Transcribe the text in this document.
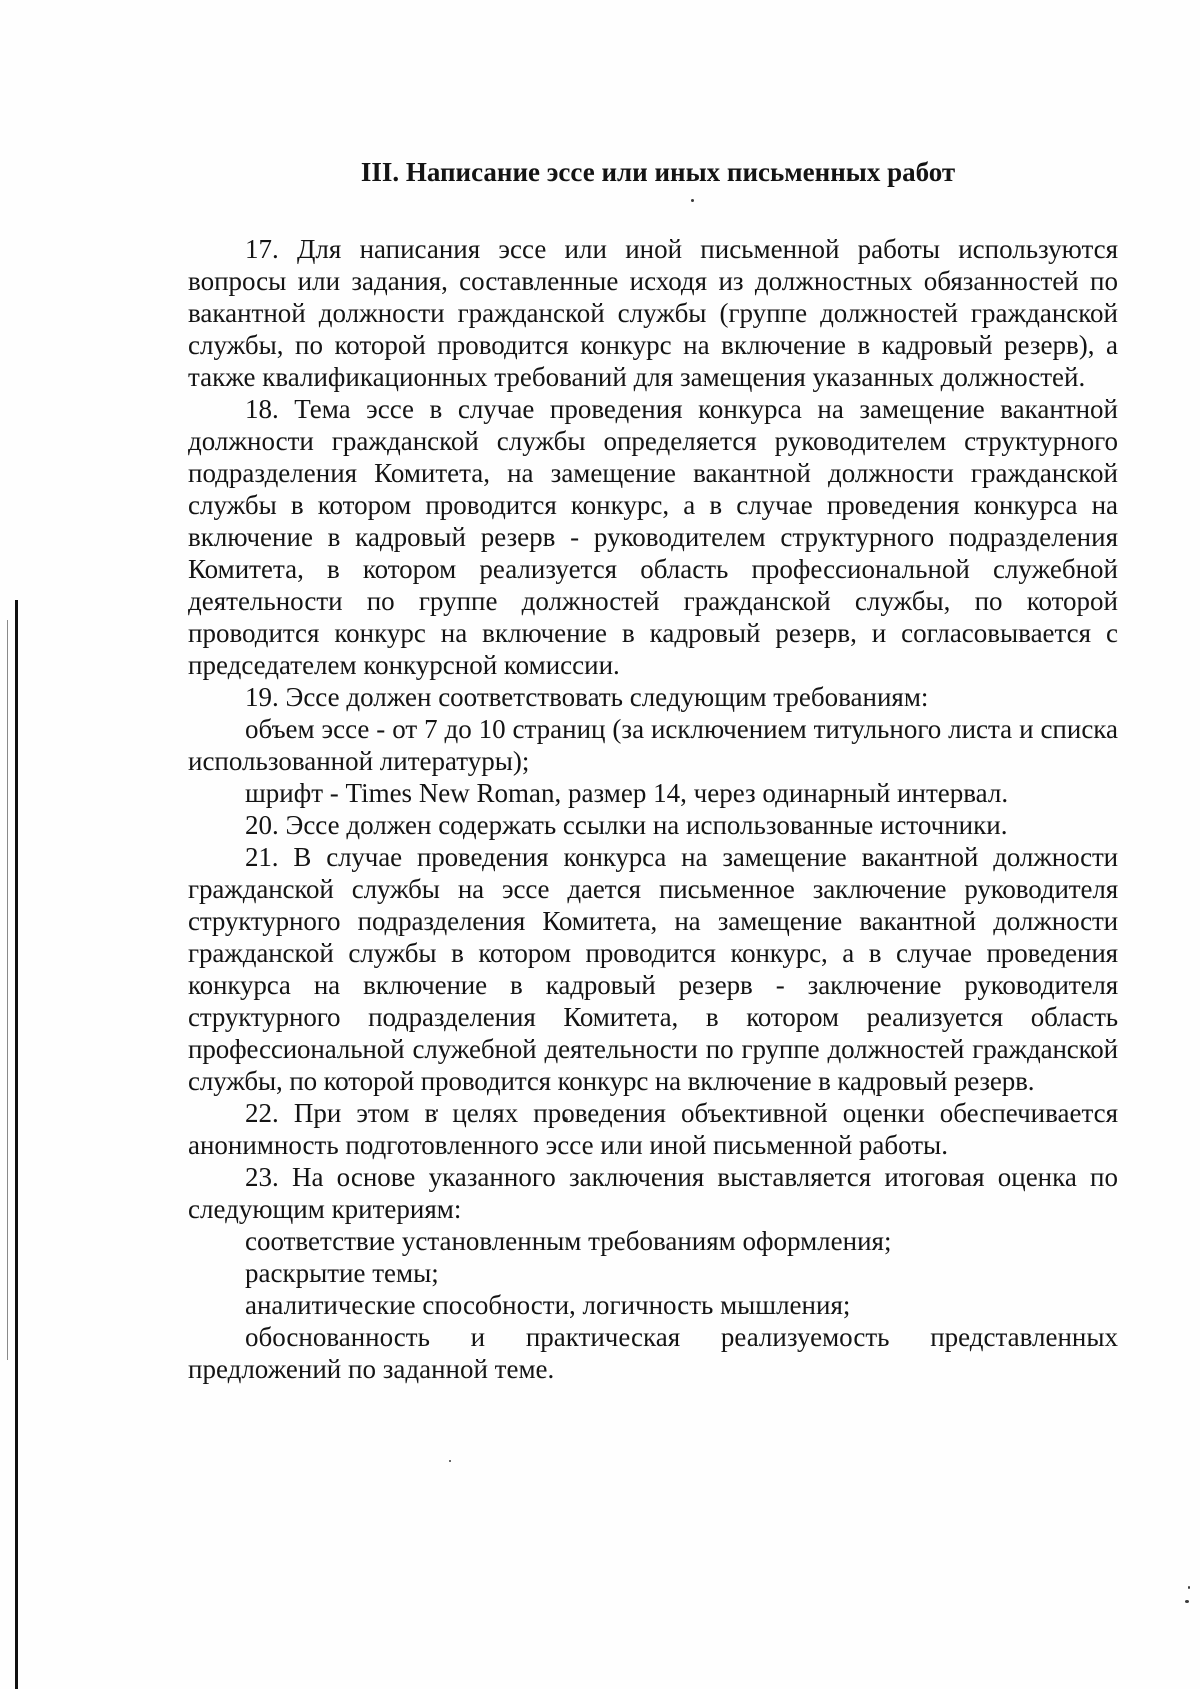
III. Написание эссе или иных письменных работ

17. Для написания эссе или иной письменной работы используются вопросы или задания, составленные исходя из должностных обязанностей по вакантной должности гражданской службы (группе должностей гражданской службы, по которой проводится конкурс на включение в кадровый резерв), а также квалификационных требований для замещения указанных должностей.

18. Тема эссе в случае проведения конкурса на замещение вакантной должности гражданской службы определяется руководителем структурного подразделения Комитета, на замещение вакантной должности гражданской службы в котором проводится конкурс, а в случае проведения конкурса на включение в кадровый резерв - руководителем структурного подразделения Комитета, в котором реализуется область профессиональной служебной деятельности по группе должностей гражданской службы, по которой проводится конкурс на включение в кадровый резерв, и согласовывается с председателем конкурсной комиссии.

19. Эссе должен соответствовать следующим требованиям:

объем эссе - от 7 до 10 страниц (за исключением титульного листа и списка использованной литературы);

шрифт - Times New Roman, размер 14, через одинарный интервал.

20. Эссе должен содержать ссылки на использованные источники.

21. В случае проведения конкурса на замещение вакантной должности гражданской службы на эссе дается письменное заключение руководителя структурного подразделения Комитета, на замещение вакантной должности гражданской службы в котором проводится конкурс, а в случае проведения конкурса на включение в кадровый резерв - заключение руководителя структурного подразделения Комитета, в котором реализуется область профессиональной служебной деятельности по группе должностей гражданской службы, по которой проводится конкурс на включение в кадровый резерв.

22. При этом в целях проведения объективной оценки обеспечивается анонимность подготовленного эссе или иной письменной работы.

23. На основе указанного заключения выставляется итоговая оценка по следующим критериям:

соответствие установленным требованиям оформления;

раскрытие темы;

аналитические способности, логичность мышления;

обоснованность и практическая реализуемость представленных предложений по заданной теме.
